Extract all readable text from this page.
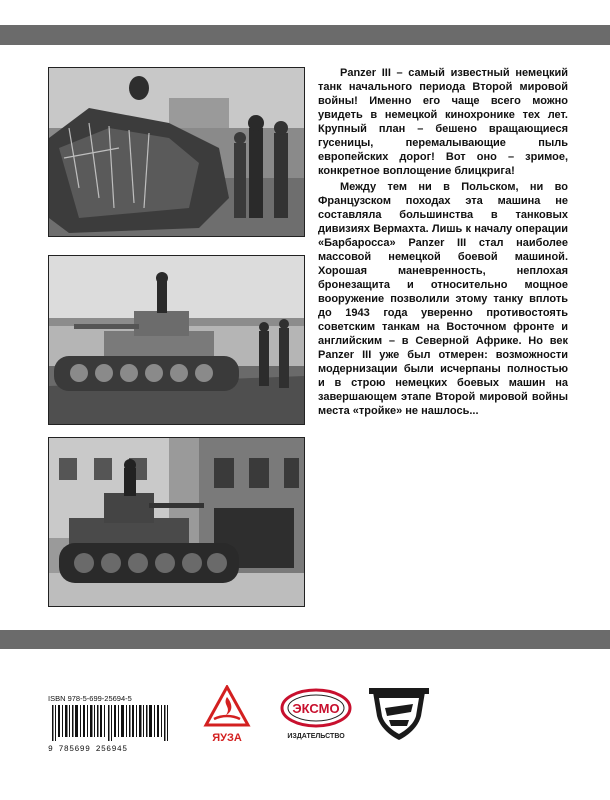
Panzer III – самый известный немецкий танк начального периода Второй мировой войны! Именно его чаще всего можно увидеть в немецкой кинохронике тех лет. Крупный план – бешено вращающиеся гусеницы, перемалывающие пыль европейских дорог! Вот оно – зримое, конкретное воплощение блицкрига!

Между тем ни в Польском, ни во Французском походах эта машина не составляла большинства в танковых дивизиях Вермахта. Лишь к началу операции «Барбаросса» Panzer III стал наиболее массовой немецкой боевой машиной. Хорошая маневренность, неплохая бронезащита и относительно мощное вооружение позволили этому танку вплоть до 1943 года уверенно противостоять советским танкам на Восточном фронте и английским – в Северной Африке. Но век Panzer III уже был отмерен: возможности модернизации были исчерпаны полностью и в строю немецких боевых машин на завершающем этапе Второй мировой войны места «тройке» не нашлось...

ISBN 978-5-699-25694-5
9 785699 256945
ЯУЗА
ЭКСМО
ИЗДАТЕЛЬСТВО
